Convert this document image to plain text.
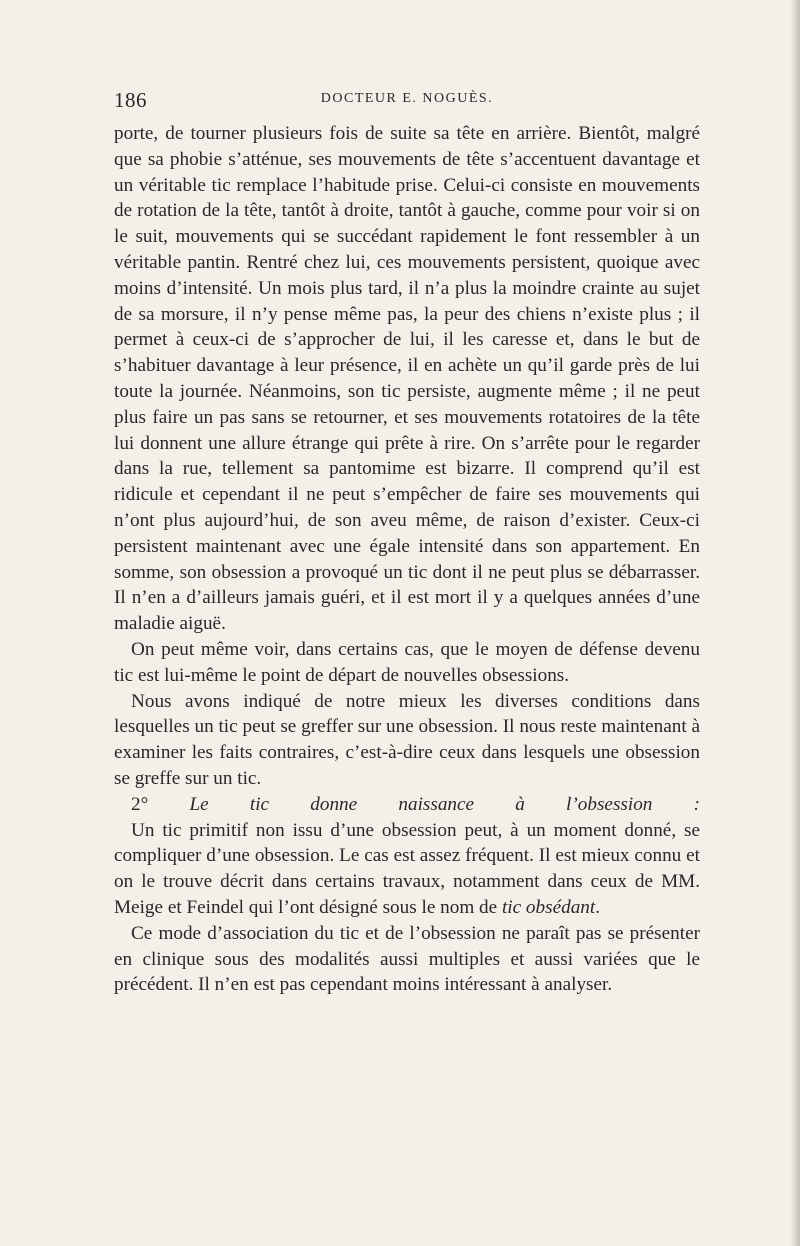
186	DOCTEUR E. NOGUÈS.

porte, de tourner plusieurs fois de suite sa tête en arrière. Bientôt, malgré que sa phobie s’atténue, ses mouvements de tête s’accentuent davantage et un véritable tic remplace l’habitude prise. Celui-ci consiste en mouvements de rotation de la tête, tantôt à droite, tantôt à gauche, comme pour voir si on le suit, mouvements qui se succédant rapidement le font ressembler à un véritable pantin. Rentré chez lui, ces mouvements persistent, quoique avec moins d’intensité. Un mois plus tard, il n’a plus la moindre crainte au sujet de sa morsure, il n’y pense même pas, la peur des chiens n’existe plus ; il permet à ceux-ci de s’approcher de lui, il les caresse et, dans le but de s’habituer davantage à leur présence, il en achète un qu’il garde près de lui toute la journée. Néanmoins, son tic persiste, augmente même ; il ne peut plus faire un pas sans se retourner, et ses mouvements rotatoires de la tête lui donnent une allure étrange qui prête à rire. On s’arrête pour le regarder dans la rue, tellement sa pantomime est bizarre. Il comprend qu’il est ridicule et cependant il ne peut s’empêcher de faire ses mouvements qui n’ont plus aujourd’hui, de son aveu même, de raison d’exister. Ceux-ci persistent maintenant avec une égale intensité dans son appartement. En somme, son obsession a provoqué un tic dont il ne peut plus se débarrasser. Il n’en a d’ailleurs jamais guéri, et il est mort il y a quelques années d’une maladie aiguë.

On peut même voir, dans certains cas, que le moyen de défense devenu tic est lui-même le point de départ de nouvelles obsessions.

Nous avons indiqué de notre mieux les diverses conditions dans lesquelles un tic peut se greffer sur une obsession. Il nous reste maintenant à examiner les faits contraires, c’est-à-dire ceux dans lesquels une obsession se greffe sur un tic.

2° Le tic donne naissance à l’obsession :

Un tic primitif non issu d’une obsession peut, à un moment donné, se compliquer d’une obsession. Le cas est assez fréquent. Il est mieux connu et on le trouve décrit dans certains travaux, notamment dans ceux de MM. Meige et Feindel qui l’ont désigné sous le nom de tic obsédant.

Ce mode d’association du tic et de l’obsession ne paraît pas se présenter en clinique sous des modalités aussi multiples et aussi variées que le précédent. Il n’en est pas cependant moins intéressant à analyser.
